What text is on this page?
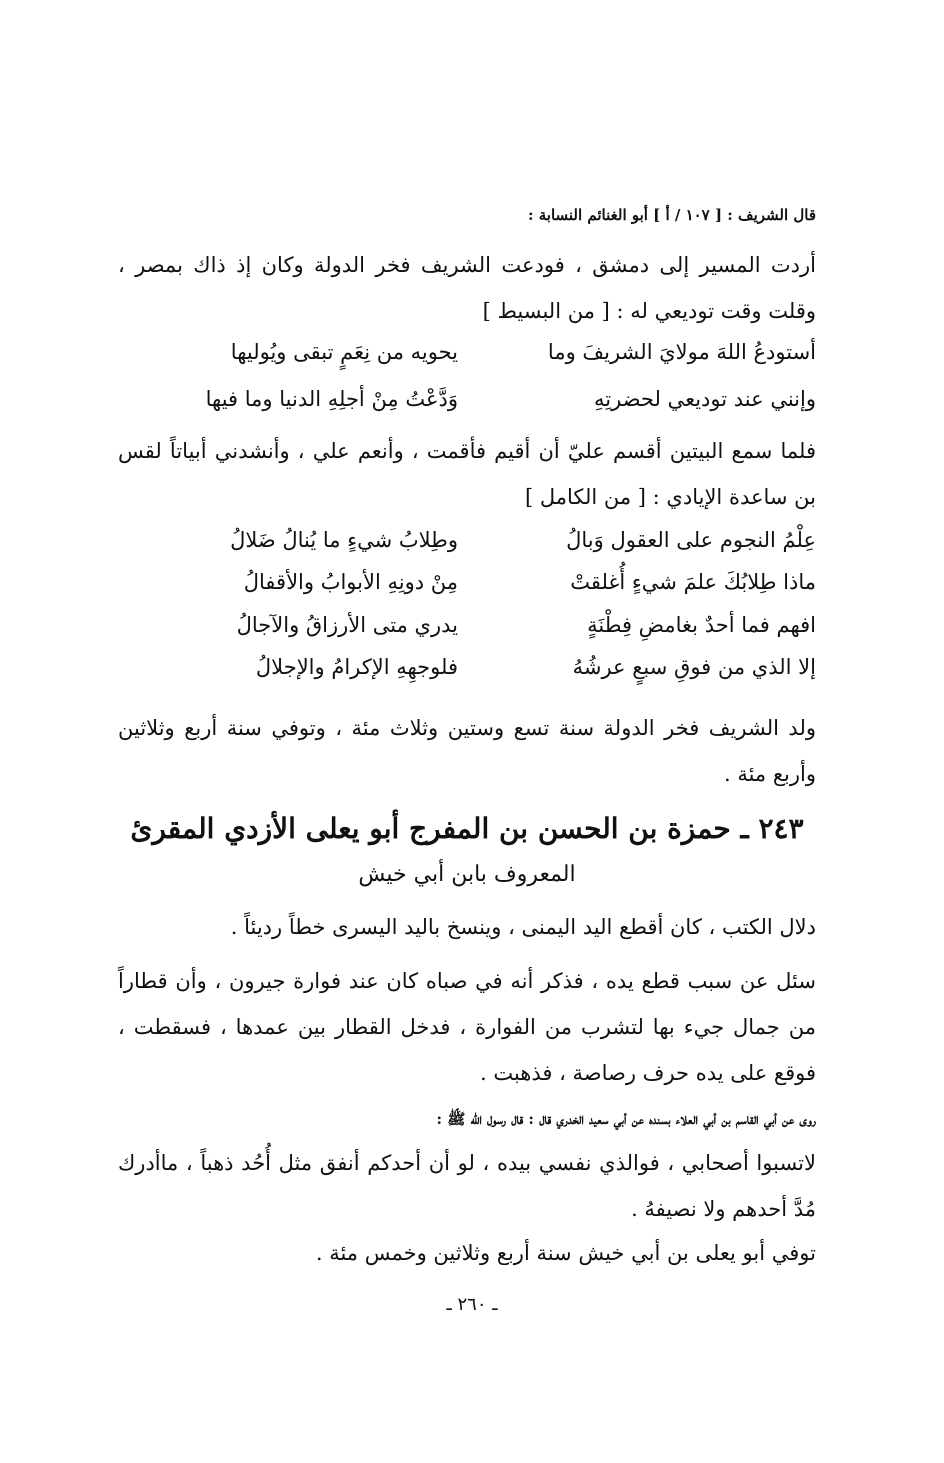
قال الشريف : [ ١٠٧ / أ ] أبو الغنائم النسابة :
أردت المسير إلى دمشق ، فودعت الشريف فخر الدولة وكان إذ ذاك بمصر ، وقلت وقت توديعي له : [ من البسيط ]
أستودعُ اللهَ مولايَ الشريفَ وما
يحويه من نِعَمٍ تبقى ويُوليها
وإنني عند توديعي لحضرتِهِ
وَدَّعْتُ مِنْ أجلِهِ الدنيا وما فيها
فلما سمع البيتين أقسم عليّ أن أقيم فأقمت ، وأنعم علي ، وأنشدني أبياتاً لقس بن ساعدة الإيادي : [ من الكامل ]
عِلْمُ النجوم على العقول وَبالُ
وطِلابُ شيءٍ ما يُنالُ ضَلالُ
ماذا طِلابُكَ علمَ شيءٍ أُغلقتْ
مِنْ دونِهِ الأبوابُ والأقفالُ
افهم فما أحدٌ بغامضِ فِطْنَةٍ
يدري متى الأرزاقُ والآجالُ
إلا الذي من فوقِ سبعٍ عرشُهُ
فلوجهِهِ الإكرامُ والإجلالُ
ولد الشريف فخر الدولة سنة تسع وستين وثلاث مئة ، وتوفي سنة أربع وثلاثين وأربع مئة .
٢٤٣ ـ حمزة بن الحسن بن المفرج أبو يعلى الأزدي المقرئ
المعروف بابن أبي خيش
دلال الكتب ، كان أقطع اليد اليمنى ، وينسخ باليد اليسرى خطاً رديئاً .
سئل عن سبب قطع يده ، فذكر أنه في صباه كان عند فوارة جيرون ، وأن قطاراً من جمال جيء بها لتشرب من الفوارة ، فدخل القطار بين عمدها ، فسقطت ، فوقع على يده حرف رصاصة ، فذهبت .
روى عن أبي القاسم بن أبي العلاء بسنده عن أبي سعيد الخدري قال : قال رسول الله ﷺ :
لاتسبوا أصحابي ، فوالذي نفسي بيده ، لو أن أحدكم أنفق مثل أُحُد ذهباً ، ماأدرك مُدَّ أحدهم ولا نصيفهُ .
توفي أبو يعلى بن أبي خيش سنة أربع وثلاثين وخمس مئة .
ـ ٢٦٠ ـ
